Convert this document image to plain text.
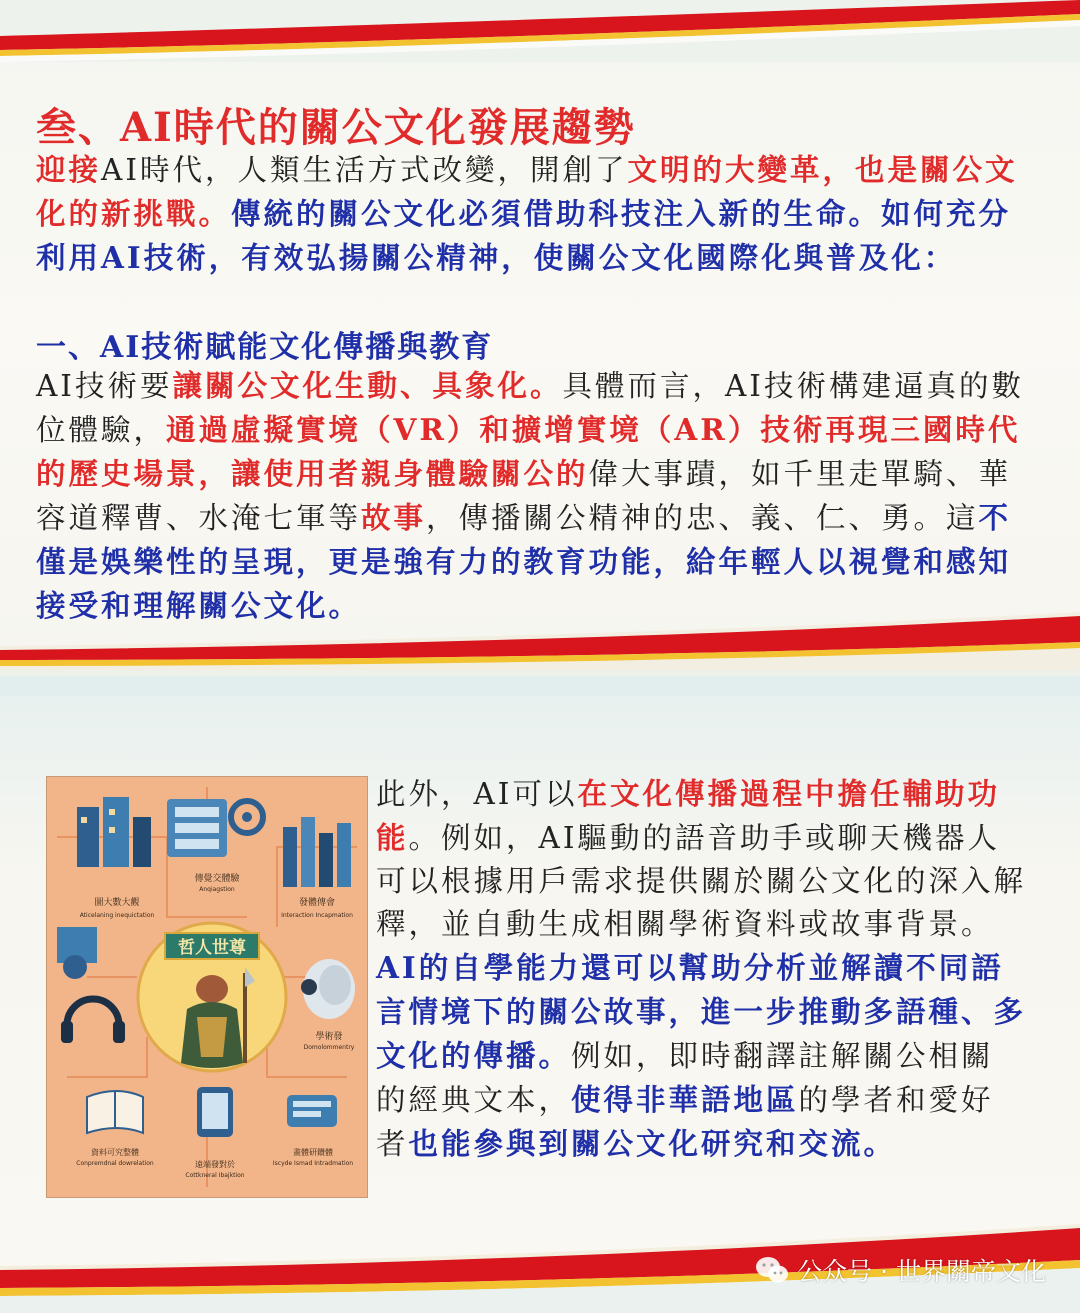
叁、AI時代的關公文化發展趨勢

迎接AI時代，人類生活方式改變，開創了文明的大變革，也是關公文化的新挑戰。傳統的關公文化必須借助科技注入新的生命。如何充分利用AI技術，有效弘揚關公精神，使關公文化國際化與普及化：

一、AI技術賦能文化傳播與教育

AI技術要讓關公文化生動、具象化。具體而言，AI技術構建逼真的數位體驗，通過虛擬實境（VR）和擴增實境（AR）技術再現三國時代的歷史場景，讓使用者親身體驗關公的偉大事蹟，如千里走單騎、華容道釋曹、水淹七軍等故事，傳播關公精神的忠、義、仁、勇。這不僅是娛樂性的呈現，更是強有力的教育功能，給年輕人以視覺和感知接受和理解關公文化。

傳覺交體驗
Anqiagstion
圖大數大觀
Aticelaning inequictation
發體傳會
Interaction Incapmation
哲人世尊
學術發
Domolommentry
資料可究整體
Conpremdnal dowrelation	遠端發對於
Cottkneral Ibajktion
畫體研鑽體
Iscyde Ismad Intradmation

此外，AI可以在文化傳播過程中擔任輔助功能。例如，AI驅動的語音助手或聊天機器人可以根據用戶需求提供關於關公文化的深入解釋，並自動生成相關學術資料或故事背景。AI的自學能力還可以幫助分析並解讀不同語言情境下的關公故事，進一步推動多語種、多文化的傳播。例如，即時翻譯註解關公相關的經典文本，使得非華語地區的學者和愛好者也能參與到關公文化研究和交流。

公众号 · 世界關帝文化
